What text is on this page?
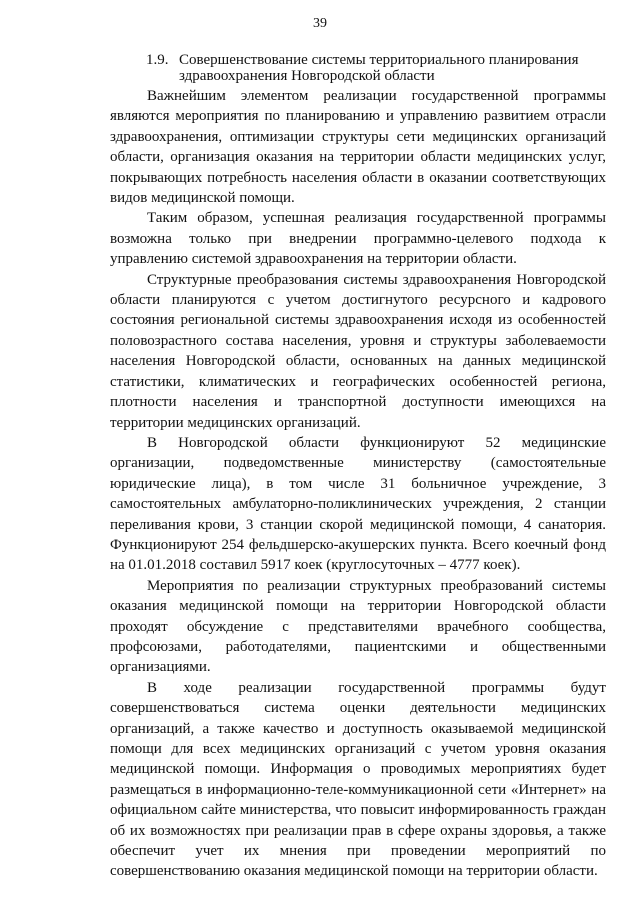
39
1.9. Совершенствование системы территориального планирования
здравоохранения Новгородской области

Важнейшим элементом реализации государственной программы являются мероприятия по планированию и управлению развитием отрасли здравоохранения, оптимизации структуры сети медицинских организаций области, организация оказания на территории области медицинских услуг, покрывающих потребность населения области в оказании соответствующих видов медицинской помощи.

Таким образом, успешная реализация государственной программы возможна только при внедрении программно-целевого подхода к управлению системой здравоохранения на территории области.

Структурные преобразования системы здравоохранения Новгородской области планируются с учетом достигнутого ресурсного и кадрового состояния региональной системы здравоохранения исходя из особенностей половозрастного состава населения, уровня и структуры заболеваемости населения Новгородской области, основанных на данных медицинской статистики, климатических и географических особенностей региона, плотности населения и транспортной доступности имеющихся на территории медицинских организаций.

В Новгородской области функционируют 52 медицинские организации, подведомственные министерству (самостоятельные юридические лица), в том числе 31 больничное учреждение, 3 самостоятельных амбулаторно-поликлинических учреждения, 2 станции переливания крови, 3 станции скорой медицинской помощи, 4 санатория. Функционируют 254 фельдшерско-акушерских пункта. Всего коечный фонд на 01.01.2018 составил 5917 коек (круглосуточных – 4777 коек).

Мероприятия по реализации структурных преобразований системы оказания медицинской помощи на территории Новгородской области проходят обсуждение с представителями врачебного сообщества, профсоюзами, работодателями, пациентскими и общественными организациями.

В ходе реализации государственной программы будут совершенствоваться система оценки деятельности медицинских организаций, а также качество и доступность оказываемой медицинской помощи для всех медицинских организаций с учетом уровня оказания медицинской помощи. Информация о проводимых мероприятиях будет размещаться в информационно-теле-коммуникационной сети «Интернет» на официальном сайте министерства, что повысит информированность граждан об их возможностях при реализации прав в сфере охраны здоровья, а также обеспечит учет их мнения при проведении мероприятий по совершенствованию оказания медицинской помощи на территории области.
